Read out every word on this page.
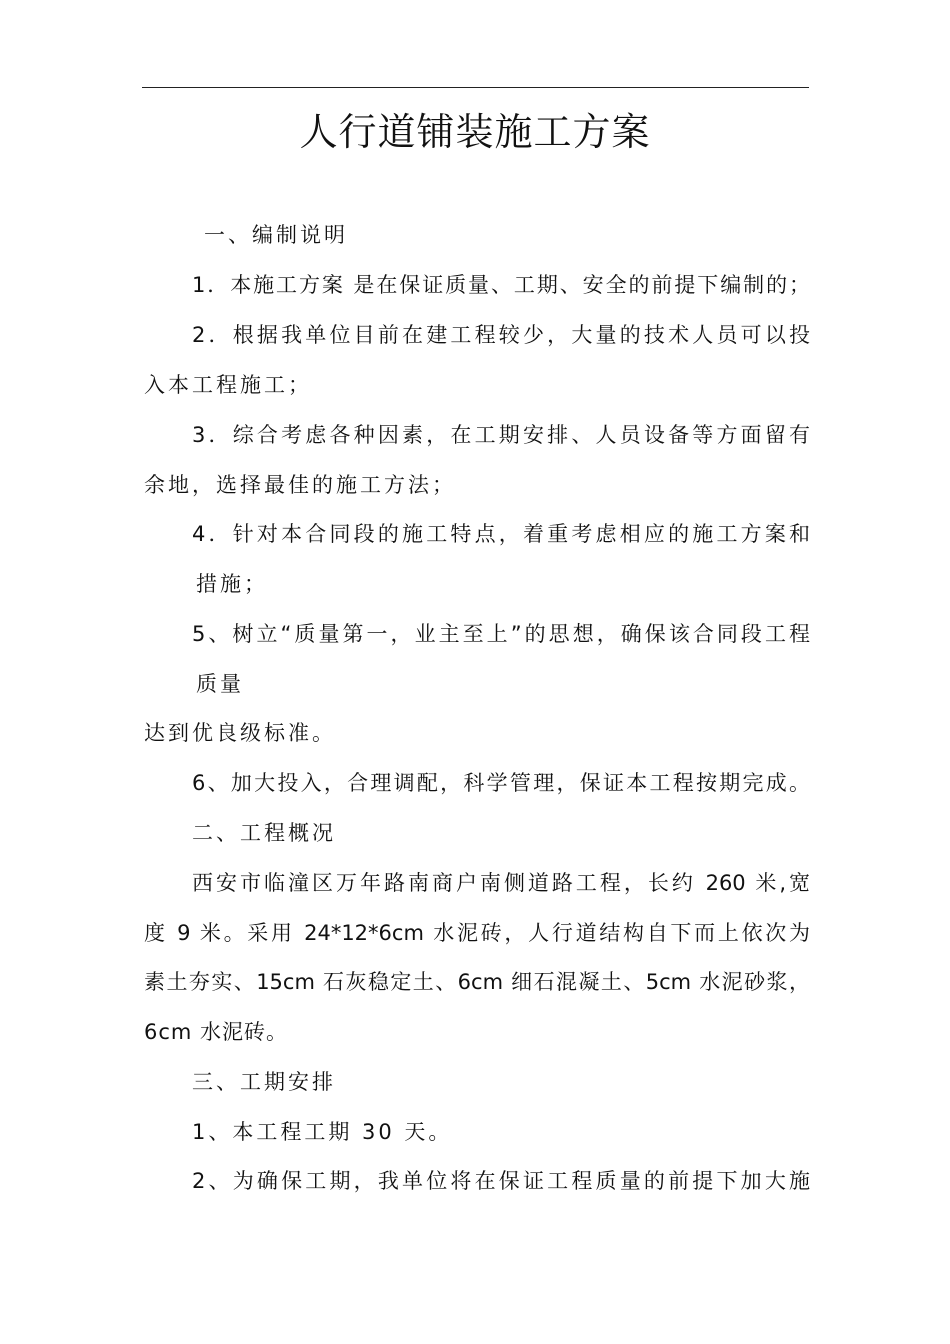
人行道铺装施工方案
一、编制说明
1．本施工方案 是在保证质量、工期、安全的前提下编制的；
2．根据我单位目前在建工程较少，大量的技术人员可以投
入本工程施工；
3．综合考虑各种因素，在工期安排、人员设备等方面留有
余地，选择最佳的施工方法；
4．针对本合同段的施工特点，着重考虑相应的施工方案和
措施；
5、树立“质量第一，业主至上”的思想，确保该合同段工程
质量
达到优良级标准。
6、加大投入，合理调配，科学管理，保证本工程按期完成。
二、工程概况
西安市临潼区万年路南商户南侧道路工程，长约 260 米,宽
度 9 米。采用 24*12*6cm 水泥砖，人行道结构自下而上依次为
素土夯实、15cm 石灰稳定土、6cm 细石混凝土、5cm 水泥砂浆，
6cm 水泥砖。
三、工期安排
1、本工程工期 30 天。
2、为确保工期，我单位将在保证工程质量的前提下加大施
